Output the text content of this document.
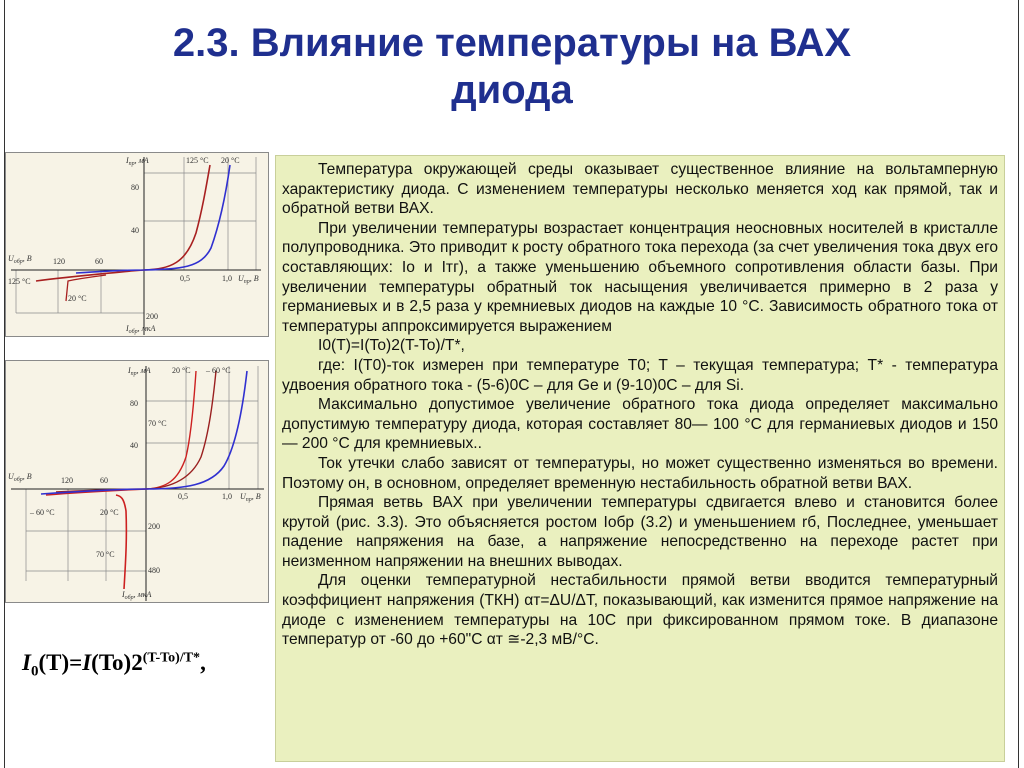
2.3. Влияние температуры на ВАХ
диода
$I_{пр}$, мА	125 °C 20 °C
80
40
$U_{обр}$, В	120	60
0,5	1,0 $U_{пр}$, В
125 °C
20 °C
200
$I_{обр}$, мкА
$I_{пр}$, мА	20 °C – 60 °C
80
70 °C
40
$U_{обр}$, В	120	60
0,5	1,0 $U_{пр}$, В
– 60 °C	20 °C
200
70 °C
480
$I_{обр}$, мкА
$I_0(T)=I(To)2^{(T-To)/T*}$,

Температура окружающей среды оказывает существенное влияние на вольтамперную характеристику диода. С изменением температуры несколько меняется ход как прямой, так и обратной ветви ВАХ.

При увеличении температуры возрастает концентрация неосновных носителей в кристалле полупроводника. Это приводит к росту обратного тока перехода (за счет увеличения тока двух его составляющих: Iо и Iтг), а также уменьшению объемного сопротивления области базы. При увеличении температуры обратный ток насыщения увеличивается примерно в 2 раза у германиевых и в 2,5 раза у кремниевых диодов на каждые 10 °С. Зависимость обратного тока от температуры аппроксимируется выражением

I0(T)=I(To)2(T-To)/T*,

где: I(T0)-ток измерен при температуре T0; T – текущая температура; T* - температура удвоения обратного тока - (5-6)0С – для Ge и (9-10)0С – для Si.

Максимально допустимое увеличение обратного тока диода определяет максимально допустимую температуру диода, которая составляет 80— 100 °С для германиевых диодов и 150 — 200 °С для кремниевых..

Ток утечки слабо зависят от температуры, но может существенно изменяться во времени. Поэтому он, в основном, определяет временную нестабильность обратной ветви ВАХ.

Прямая ветвь ВАХ при увеличении температуры сдвигается влево и становится более крутой (рис. 3.3). Это объясняется ростом Iобр (3.2) и уменьшением rб, Последнее, уменьшает падение напряжения на базе, а напряжение непосредственно на переходе растет при неизменном напряжении на внешних выводах.

Для оценки температурной нестабильности прямой ветви вводится температурный коэффициент напряжения (ТКН) αт=ΔU/ΔT, показывающий, как изменится прямое напряжение на диоде с изменением температуры на 10С при фиксированном прямом токе. В диапазоне температур от -60 до +60"С αт ≅-2,3 мВ/°С.
